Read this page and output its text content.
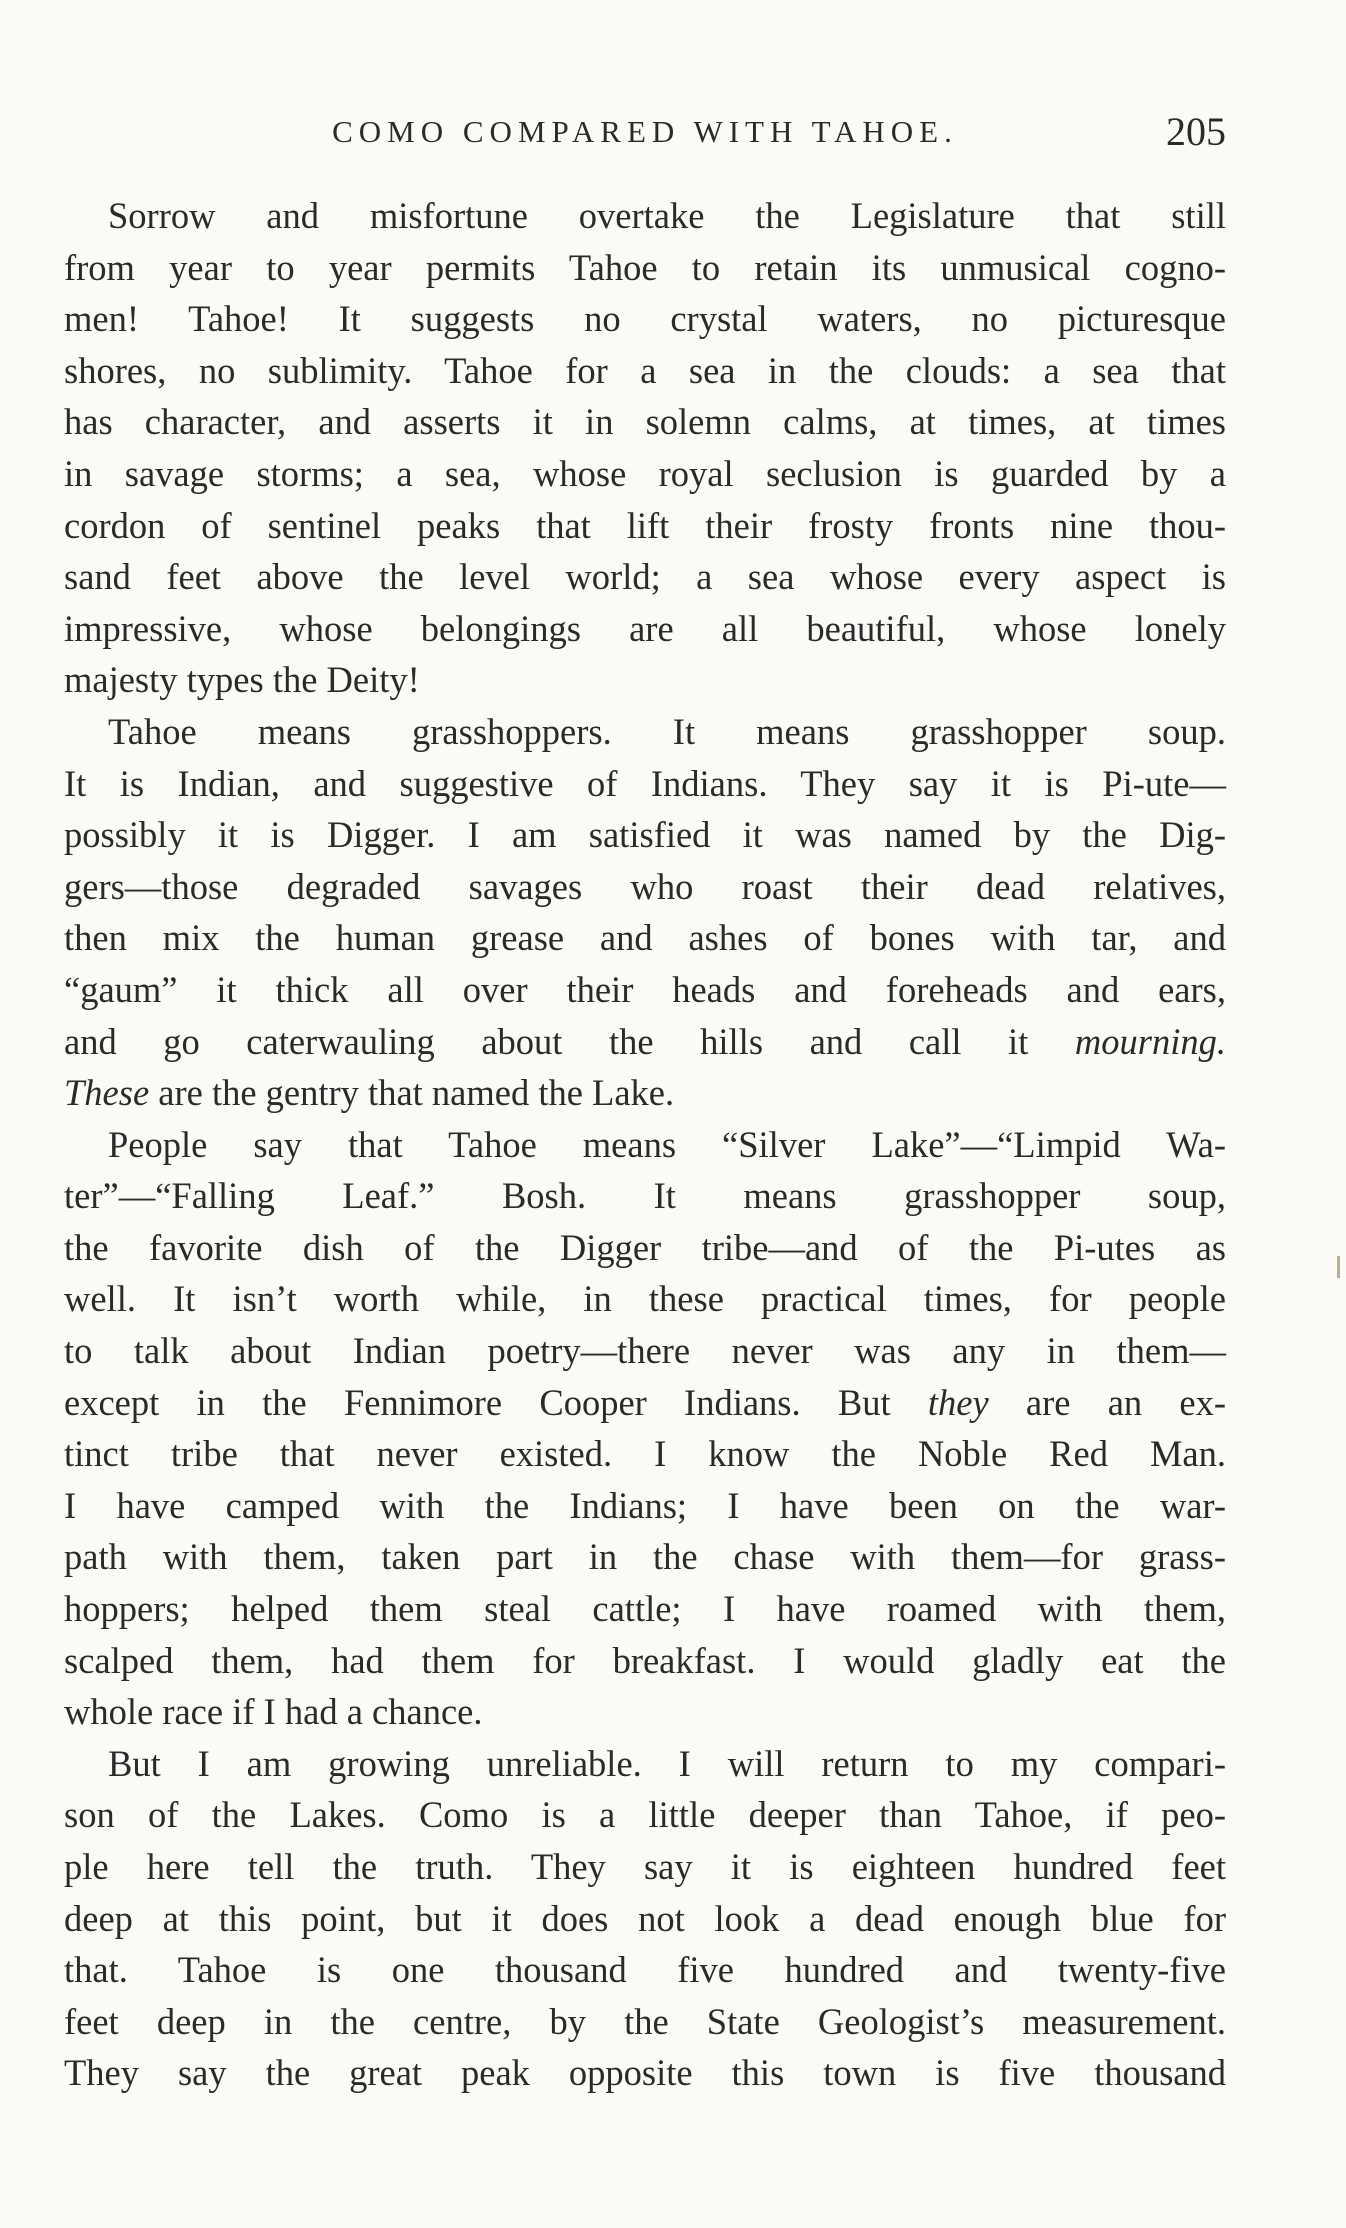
COMO COMPARED WITH TAHOE.	205

Sorrow and misfortune overtake the Legislature that still
from year to year permits Tahoe to retain its unmusical cogno-
men! Tahoe! It suggests no crystal waters, no picturesque
shores, no sublimity. Tahoe for a sea in the clouds: a sea that
has character, and asserts it in solemn calms, at times, at times
in savage storms; a sea, whose royal seclusion is guarded by a
cordon of sentinel peaks that lift their frosty fronts nine thou-
sand feet above the level world; a sea whose every aspect is
impressive, whose belongings are all beautiful, whose lonely
majesty types the Deity!

Tahoe means grasshoppers. It means grasshopper soup.
It is Indian, and suggestive of Indians. They say it is Pi-ute—
possibly it is Digger. I am satisfied it was named by the Dig-
gers—those degraded savages who roast their dead relatives,
then mix the human grease and ashes of bones with tar, and
“gaum” it thick all over their heads and foreheads and ears,
and go caterwauling about the hills and call it mourning.
These are the gentry that named the Lake.

People say that Tahoe means “Silver Lake”—“Limpid Wa-
ter”—“Falling Leaf.” Bosh. It means grasshopper soup,
the favorite dish of the Digger tribe—and of the Pi-utes as
well. It isn’t worth while, in these practical times, for people
to talk about Indian poetry—there never was any in them—
except in the Fennimore Cooper Indians. But they are an ex-
tinct tribe that never existed. I know the Noble Red Man.
I have camped with the Indians; I have been on the war-
path with them, taken part in the chase with them—for grass-
hoppers; helped them steal cattle; I have roamed with them,
scalped them, had them for breakfast. I would gladly eat the
whole race if I had a chance.

But I am growing unreliable. I will return to my compari-
son of the Lakes. Como is a little deeper than Tahoe, if peo-
ple here tell the truth. They say it is eighteen hundred feet
deep at this point, but it does not look a dead enough blue for
that. Tahoe is one thousand five hundred and twenty-five
feet deep in the centre, by the State Geologist’s measurement.
They say the great peak opposite this town is five thousand
